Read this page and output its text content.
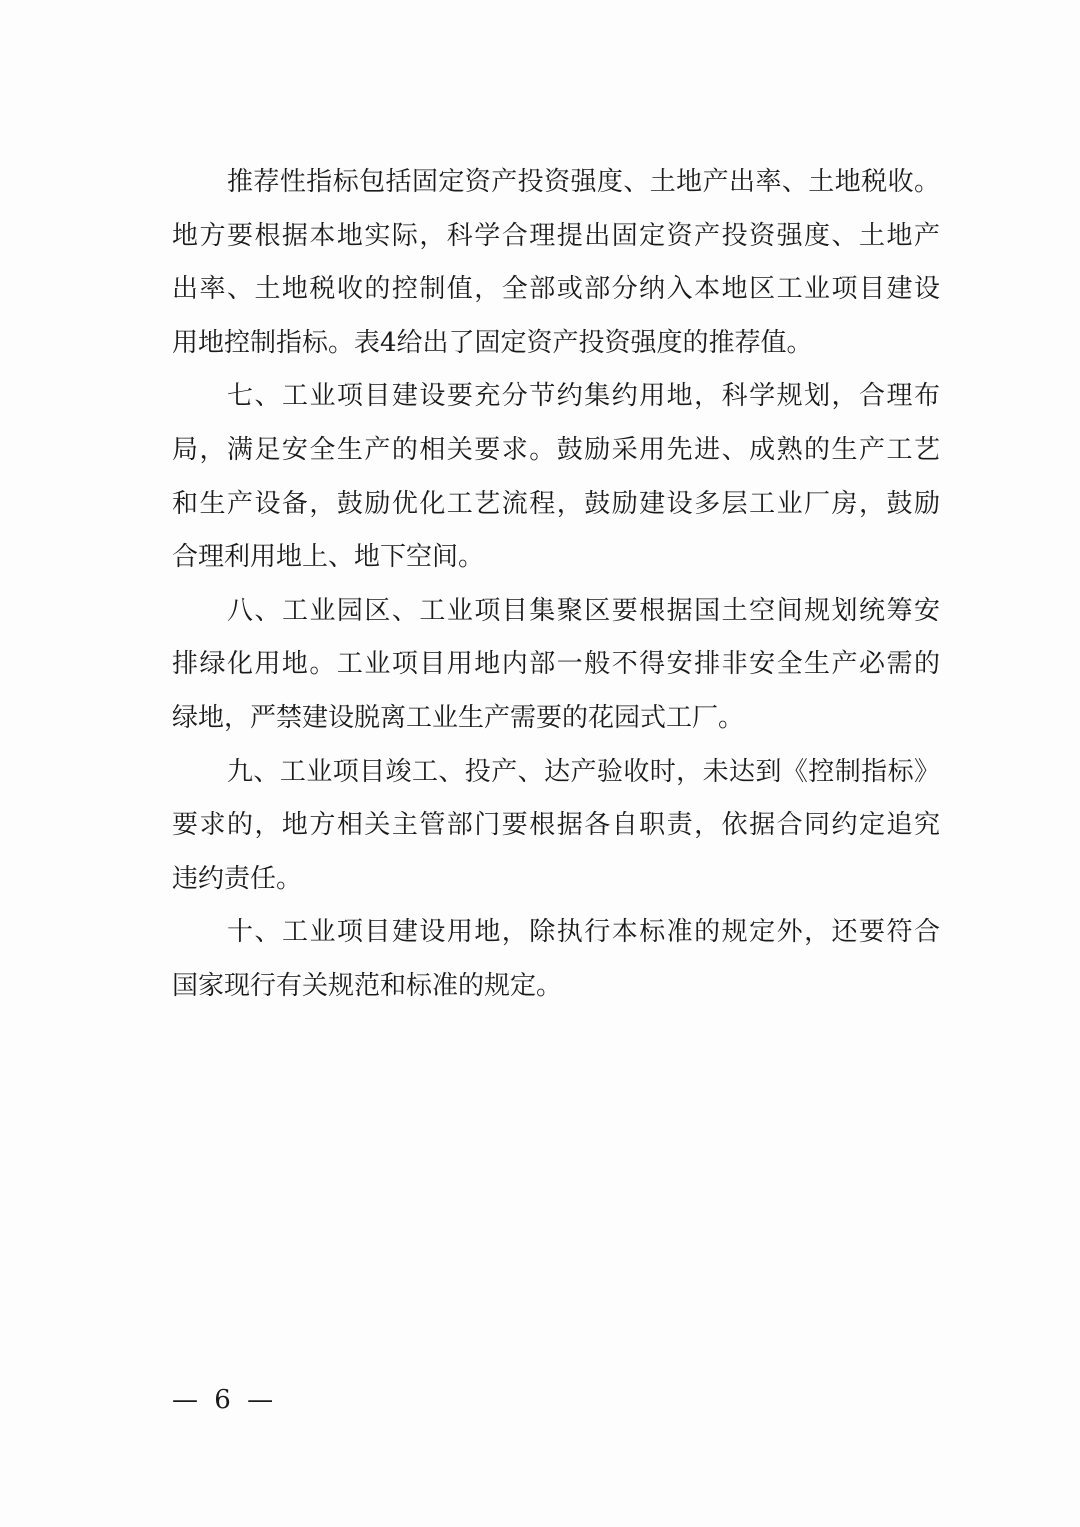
推荐性指标包括固定资产投资强度、土地产出率、土地税收。
地方要根据本地实际，科学合理提出固定资产投资强度、土地产
出率、土地税收的控制值，全部或部分纳入本地区工业项目建设
用地控制指标。表4给出了固定资产投资强度的推荐值。
七、工业项目建设要充分节约集约用地，科学规划，合理布
局，满足安全生产的相关要求。鼓励采用先进、成熟的生产工艺
和生产设备，鼓励优化工艺流程，鼓励建设多层工业厂房，鼓励
合理利用地上、地下空间。
八、工业园区、工业项目集聚区要根据国土空间规划统筹安
排绿化用地。工业项目用地内部一般不得安排非安全生产必需的
绿地，严禁建设脱离工业生产需要的花园式工厂。
九、工业项目竣工、投产、达产验收时，未达到《控制指标》
要求的，地方相关主管部门要根据各自职责，依据合同约定追究
违约责任。
十、工业项目建设用地，除执行本标准的规定外，还要符合
国家现行有关规范和标准的规定。
— 6 —
